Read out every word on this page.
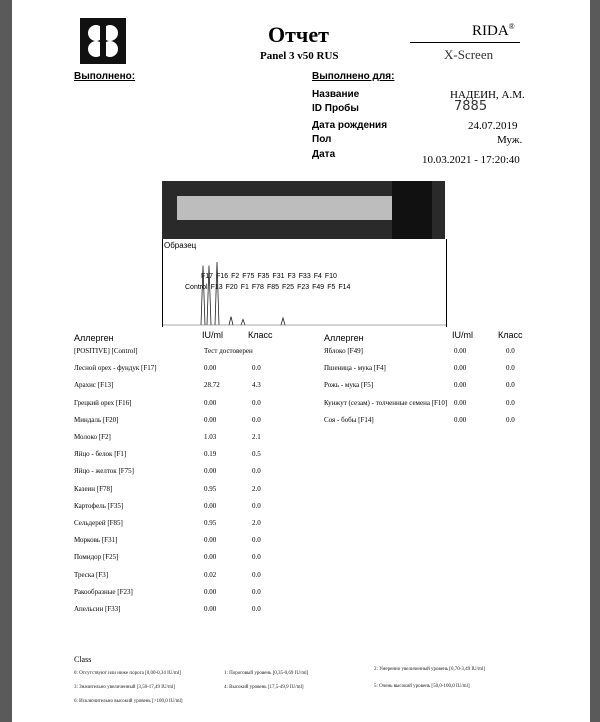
Отчет
Panel 3 v50 RUS
RIDA®
X-Screen
Выполнено:	Выполнено для:
Название	НАДЕИН, А.М.
ID Пробы	7885
Дата рождения	24.07.2019
Пол	Муж.
Дата	10.03.2021 - 17:20:40
Образец
F17 F16 F2 F75 F35 F31 F3 F33 F4 F10
Control F13 F20 F1 F78 F85 F25 F23 F49 F5 F14
Аллерген	IU/ml	Класс	Аллерген	IU/ml	Класс
[POSITIVE] [Control]	Тест достоверен
Лесной орех - фундук [F17]	0.00	0.0
Арахис [F13]	28.72	4.3
Грецкий орех [F16]	0.00	0.0
Миндаль [F20]	0.00	0.0
Молоко [F2]	1.03	2.1
Яйцо - белок [F1]	0.19	0.5
Яйцо - желток [F75]	0.00	0.0
Казеин [F78]	0.95	2.0
Картофель [F35]	0.00	0.0
Сельдерей [F85]	0.95	2.0
Морковь [F31]	0.00	0.0
Помидор [F25]	0.00	0.0
Треска [F3]	0.02	0.0
Ракообразные [F23]	0.00	0.0
Апельсин [F33]	0.00	0.0
Яблоко [F49]	0.00	0.0
Пшеница - мука [F4]	0.00	0.0
Рожь - мука [F5]	0.00	0.0
Кунжут (сезам) - толченные семена [F10] 0.00	0.0
Соя - бобы [F14]	0.00	0.0
Class
0: Отсутствуют или ниже порога [0,00-0,34 IU/ml]	1: Пороговый уровень [0,35-0,69 IU/ml]
2: Умеренно увеличенный уровень [0,70-3,49 IU/ml]
3: Значительно увеличенный [3,50-17,49 IU/ml]	4: Высокий уровень [17,5-49,9 IU/ml]	5: Очень высокий уровень [50,0-100,0 IU/ml]
6: Исключительно высокий уровень [>100,0 IU/ml]
